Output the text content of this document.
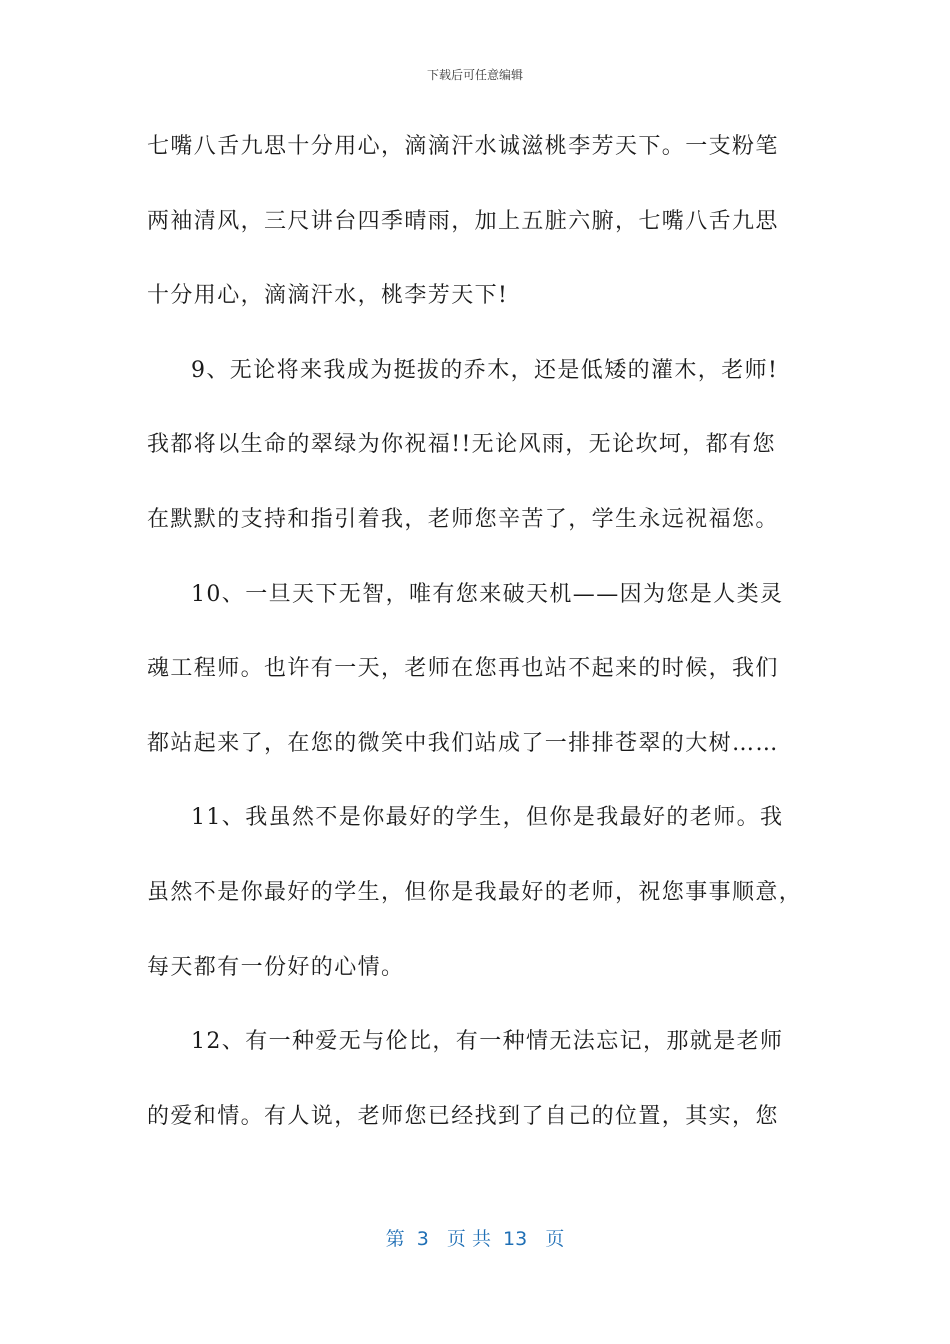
下载后可任意编辑
七嘴八舌九思十分用心，滴滴汗水诚滋桃李芳天下。一支粉笔
两袖清风，三尺讲台四季晴雨，加上五脏六腑，七嘴八舌九思
十分用心，滴滴汗水，桃李芳天下!
9、无论将来我成为挺拔的乔木，还是低矮的灌木，老师!
我都将以生命的翠绿为你祝福!!无论风雨，无论坎坷，都有您
在默默的支持和指引着我，老师您辛苦了，学生永远祝福您。
10、一旦天下无智，唯有您来破天机——因为您是人类灵
魂工程师。也许有一天，老师在您再也站不起来的时候，我们
都站起来了，在您的微笑中我们站成了一排排苍翠的大树……
11、我虽然不是你最好的学生，但你是我最好的老师。我
虽然不是你最好的学生，但你是我最好的老师，祝您事事顺意，
每天都有一份好的心情。
12、有一种爱无与伦比，有一种情无法忘记，那就是老师
的爱和情。有人说，老师您已经找到了自己的位置，其实，您
第  3   页 共  13   页
